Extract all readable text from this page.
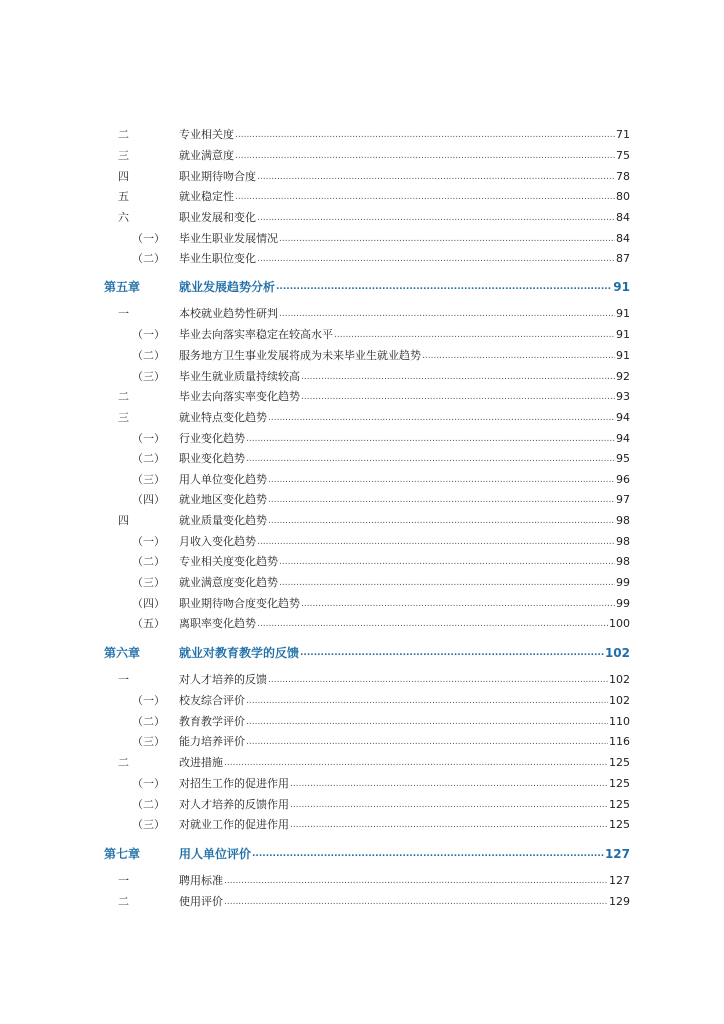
二	专业相关度 .....	71
三	就业满意度 .....	75
四	职业期待吻合度 .....	78
五	就业稳定性 .....	80
六	职业发展和变化 .....	84
（一） 毕业生职业发展情况 .....	84
（二） 毕业生职位变化 .....	87
第五章	就业发展趋势分析 .....	91
一	本校就业趋势性研判 .....	91
（一） 毕业去向落实率稳定在较高水平 .....	91
（二） 服务地方卫生事业发展将成为未来毕业生就业趋势 .....	91
（三） 毕业生就业质量持续较高 .....	92
二	毕业去向落实率变化趋势 .....	93
三	就业特点变化趋势 .....	94
（一） 行业变化趋势 .....	94
（二） 职业变化趋势 .....	95
（三） 用人单位变化趋势 .....	96
（四） 就业地区变化趋势 .....	97
四	就业质量变化趋势 .....	98
（一） 月收入变化趋势 .....	98
（二） 专业相关度变化趋势 .....	98
（三） 就业满意度变化趋势 .....	99
（四） 职业期待吻合度变化趋势 .....	99
（五） 离职率变化趋势 .....	100
第六章	就业对教育教学的反馈 .....	102
一	对人才培养的反馈 .....	102
（一） 校友综合评价 .....	102
（二） 教育教学评价 .....	110
（三） 能力培养评价 .....	116
二	改进措施 .....	125
（一） 对招生工作的促进作用 .....	125
（二） 对人才培养的反馈作用 .....	125
（三） 对就业工作的促进作用 .....	125
第七章	用人单位评价 .....	127
一	聘用标准 .....	127
二	使用评价 .....	129
